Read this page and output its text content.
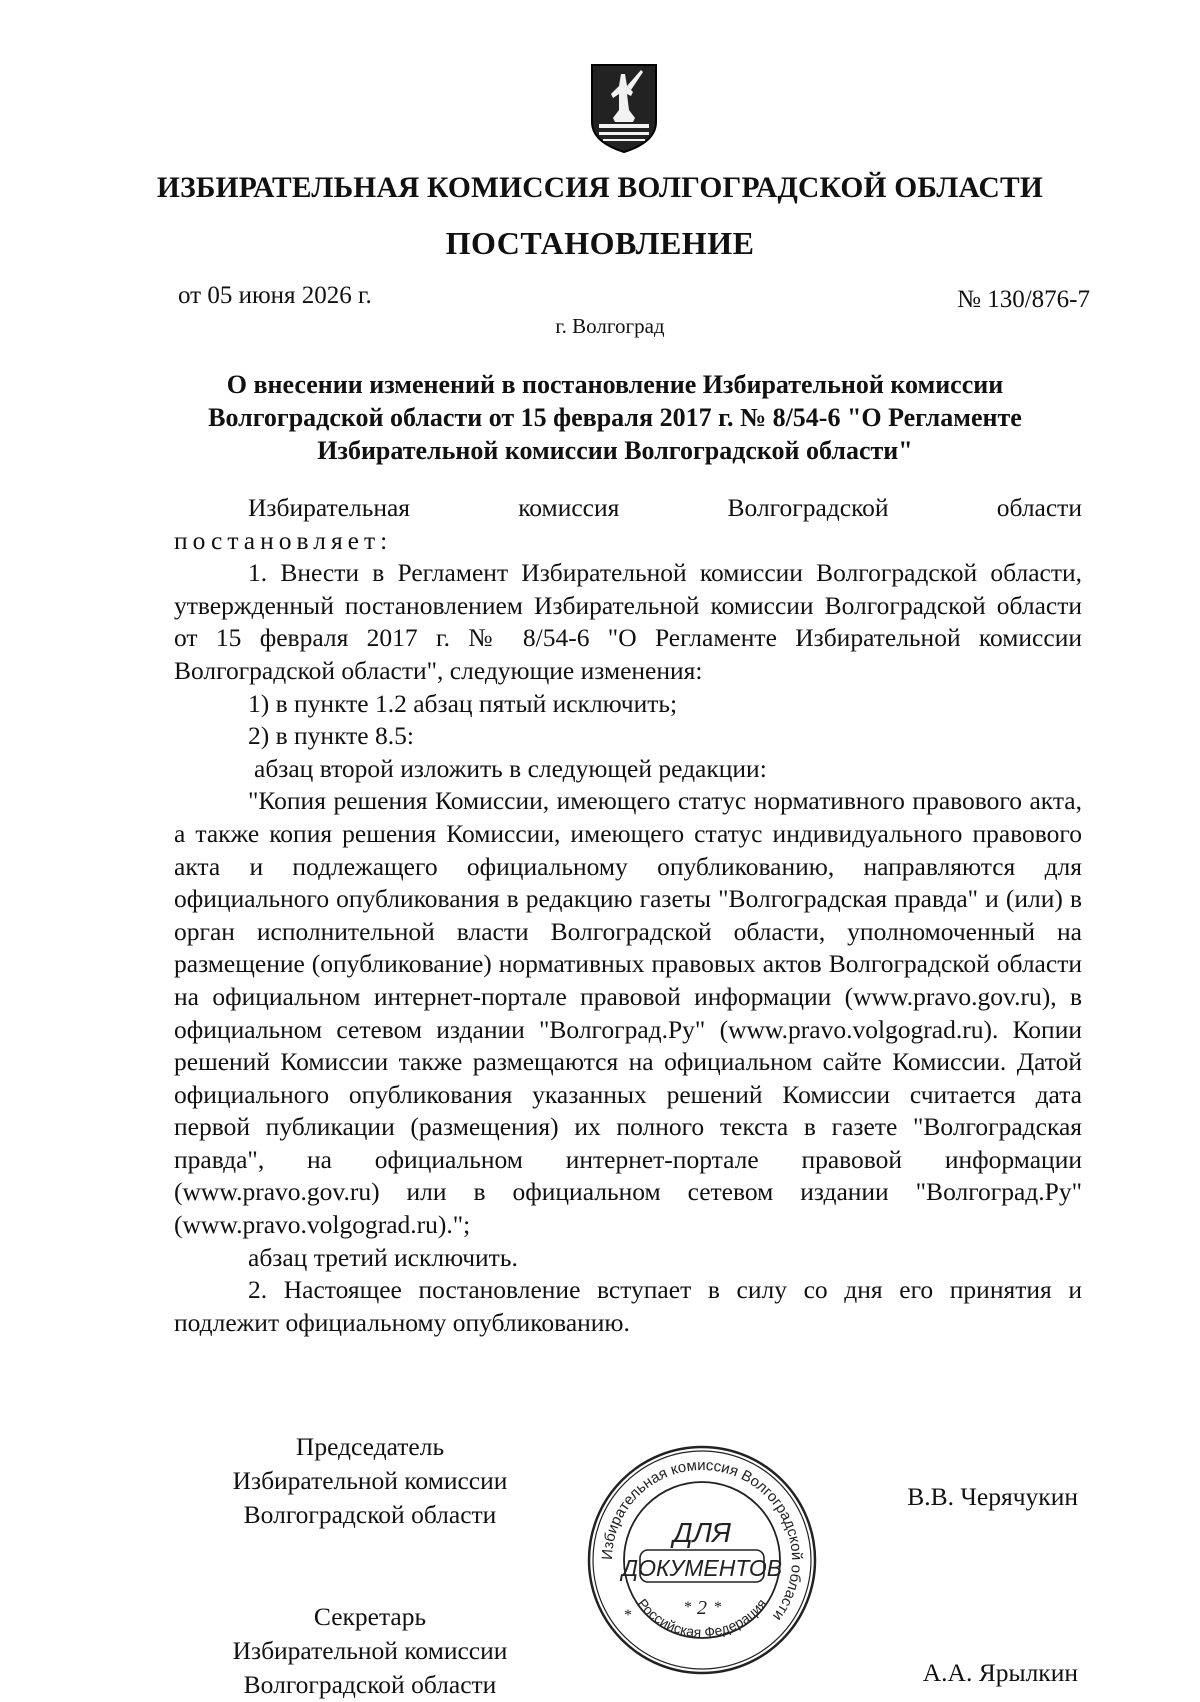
ИЗБИРАТЕЛЬНАЯ КОМИССИЯ ВОЛГОГРАДСКОЙ ОБЛАСТИ
ПОСТАНОВЛЕНИЕ
от 05 июня 2026 г.	№ 130/876-7
г. Волгоград
О внесении изменений в постановление Избирательной комиссии
Волгоградской области от 15 февраля 2017 г. № 8/54-6 "О Регламенте
Избирательной комиссии Волгоградской области"
Избирательная	комиссия	Волгоградской	области

постановляет:

1. Внести в Регламент Избирательной комиссии Волгоградской области, утвержденный постановлением Избирательной комиссии Волгоградской области от 15 февраля 2017 г. № 8/54-6 "О Регламенте Избирательной комиссии Волгоградской области", следующие изменения:

1) в пункте 1.2 абзац пятый исключить;

2) в пункте 8.5:

абзац второй изложить в следующей редакции:

"Копия решения Комиссии, имеющего статус нормативного правового акта, а также копия решения Комиссии, имеющего статус индивидуального правового акта и подлежащего официальному опубликованию, направляются для официального опубликования в редакцию газеты "Волгоградская правда" и (или) в орган исполнительной власти Волгоградской области, уполномоченный на размещение (опубликование) нормативных правовых актов Волгоградской области на официальном интернет-портале правовой информации (www.pravo.gov.ru), в официальном сетевом издании "Волгоград.Ру" (www.pravo.volgograd.ru). Копии решений Комиссии также размещаются на официальном сайте Комиссии. Датой официального опубликования указанных решений Комиссии считается дата первой публикации (размещения) их полного текста в газете "Волгоградская правда", на официальном интернет-портале правовой информации (www.pravo.gov.ru) или в официальном сетевом издании "Волгоград.Ру" (www.pravo.volgograd.ru).";

абзац третий исключить.

2. Настоящее постановление вступает в силу со дня его принятия и подлежит официальному опубликованию.

Председатель
Избирательной комиссии
Волгоградской области
В.В. Черячукин
Секретарь
Избирательной комиссии
Волгоградской области	А.А. Ярылкин
Избирательная комиссия Волгоградской области
Российская Федерация
*
ДЛЯ
ДОКУМЕНТОВ
* 2 *
